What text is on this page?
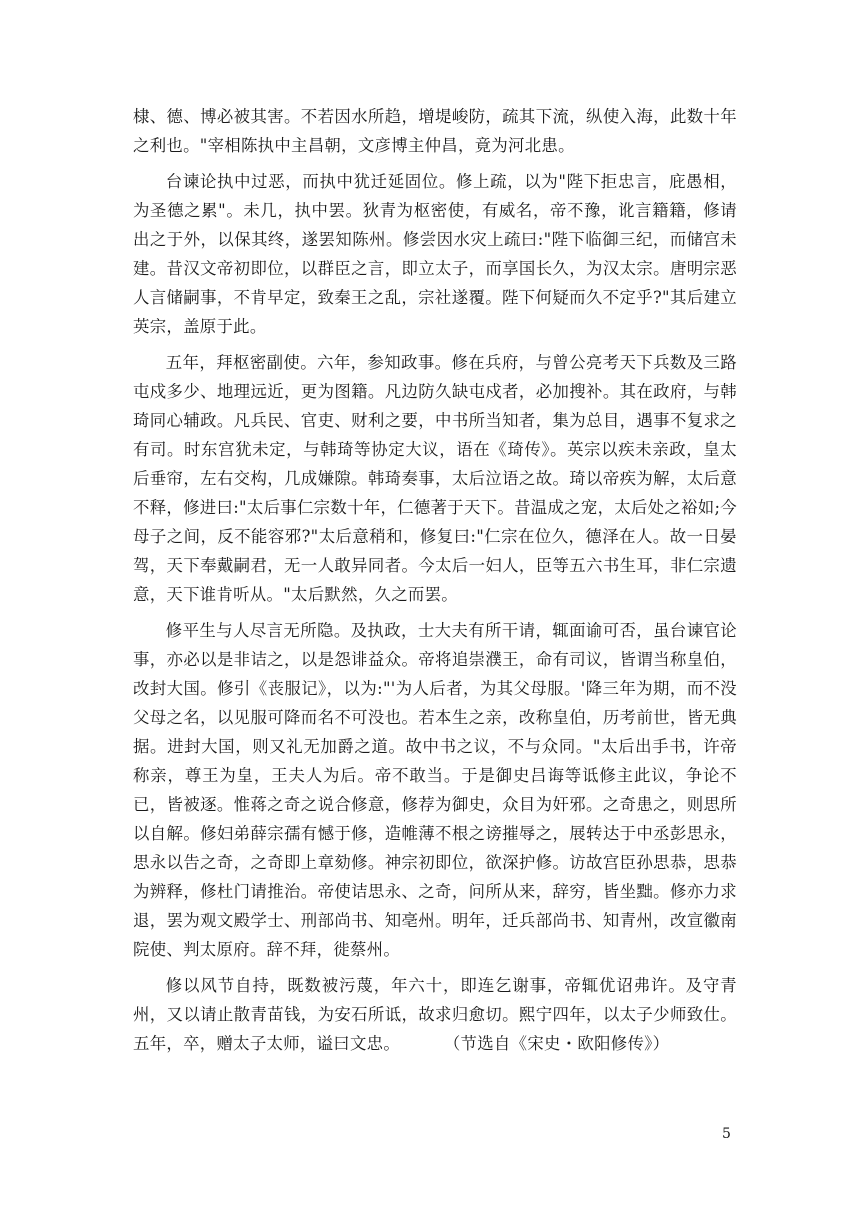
棣、德、博必被其害。不若因水所趋，增堤峻防，疏其下流，纵使入海，此数十年之利也。"宰相陈执中主昌朝，文彦博主仲昌，竟为河北患。

台谏论执中过恶，而执中犹迁延固位。修上疏，以为"陛下拒忠言，庇愚相，为圣德之累"。未几，执中罢。狄青为枢密使，有威名，帝不豫，讹言籍籍，修请出之于外，以保其终，遂罢知陈州。修尝因水灾上疏曰:"陛下临御三纪，而储宫未建。昔汉文帝初即位，以群臣之言，即立太子，而享国长久，为汉太宗。唐明宗恶人言储嗣事，不肯早定，致秦王之乱，宗社遂覆。陛下何疑而久不定乎?"其后建立英宗，盖原于此。

五年，拜枢密副使。六年，参知政事。修在兵府，与曾公亮考天下兵数及三路屯戍多少、地理远近，更为图籍。凡边防久缺屯戍者，必加搜补。其在政府，与韩琦同心辅政。凡兵民、官吏、财利之要，中书所当知者，集为总目，遇事不复求之有司。时东宫犹未定，与韩琦等协定大议，语在《琦传》。英宗以疾未亲政，皇太后垂帘，左右交构，几成嫌隙。韩琦奏事，太后泣语之故。琦以帝疾为解，太后意不释，修进曰:"太后事仁宗数十年，仁德著于天下。昔温成之宠，太后处之裕如;今母子之间，反不能容邪?"太后意稍和，修复曰:"仁宗在位久，德泽在人。故一日晏驾，天下奉戴嗣君，无一人敢异同者。今太后一妇人，臣等五六书生耳，非仁宗遗意，天下谁肯听从。"太后默然，久之而罢。

修平生与人尽言无所隐。及执政，士大夫有所干请，辄面谕可否，虽台谏官论事，亦必以是非诘之，以是怨诽益众。帝将追崇濮王，命有司议，皆谓当称皇伯，改封大国。修引《丧服记》，以为:"'为人后者，为其父母服。'降三年为期，而不没父母之名，以见服可降而名不可没也。若本生之亲，改称皇伯，历考前世，皆无典据。进封大国，则又礼无加爵之道。故中书之议，不与众同。"太后出手书，许帝称亲，尊王为皇，王夫人为后。帝不敢当。于是御史吕诲等诋修主此议，争论不已，皆被逐。惟蒋之奇之说合修意，修荐为御史，众目为奸邪。之奇患之，则思所以自解。修妇弟薛宗孺有憾于修，造帷薄不根之谤摧辱之，展转达于中丞彭思永，思永以告之奇，之奇即上章劾修。神宗初即位，欲深护修。访故宫臣孙思恭，思恭为辨释，修杜门请推治。帝使诘思永、之奇，问所从来，辞穷，皆坐黜。修亦力求退，罢为观文殿学士、刑部尚书、知亳州。明年，迁兵部尚书、知青州，改宣徽南院使、判太原府。辞不拜，徙蔡州。

修以风节自持，既数被污蔑，年六十，即连乞谢事，帝辄优诏弗许。及守青州，又以请止散青苗钱，为安石所诋，故求归愈切。熙宁四年，以太子少师致仕。五年，卒，赠太子太师，谥曰文忠。	（节选自《宋史・欧阳修传》）

5
